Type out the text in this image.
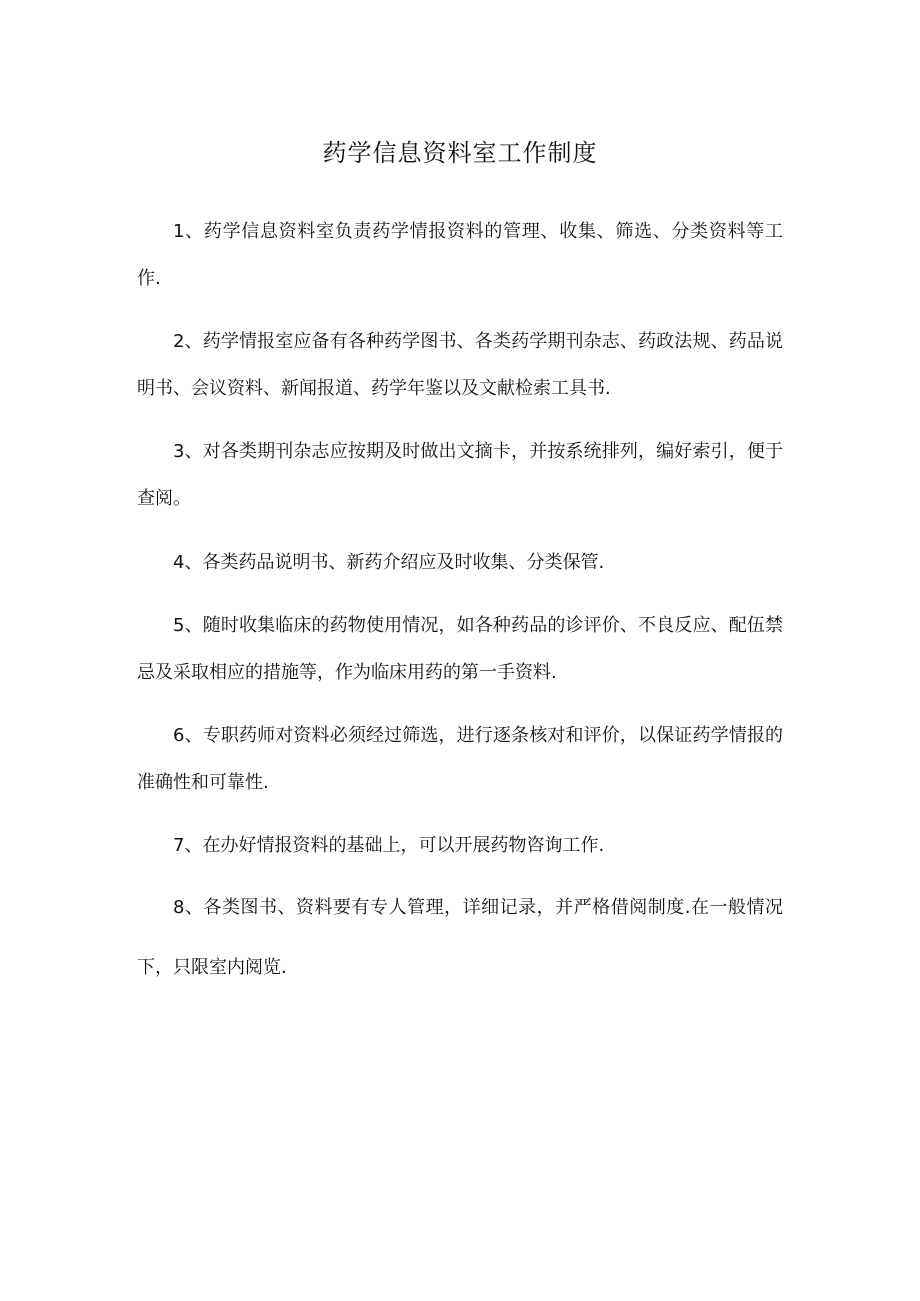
药学信息资料室工作制度

1、药学信息资料室负责药学情报资料的管理、收集、筛选、分类资料等工作.

2、药学情报室应备有各种药学图书、各类药学期刊杂志、药政法规、药品说明书、会议资料、新闻报道、药学年鉴以及文献检索工具书.

3、对各类期刊杂志应按期及时做出文摘卡，并按系统排列，编好索引，便于查阅。

4、各类药品说明书、新药介绍应及时收集、分类保管.

5、随时收集临床的药物使用情况，如各种药品的诊评价、不良反应、配伍禁忌及采取相应的措施等，作为临床用药的第一手资料.

6、专职药师对资料必须经过筛选，进行逐条核对和评价，以保证药学情报的准确性和可靠性.

7、在办好情报资料的基础上，可以开展药物咨询工作.

8、各类图书、资料要有专人管理，详细记录，并严格借阅制度.在一般情况下，只限室内阅览.
